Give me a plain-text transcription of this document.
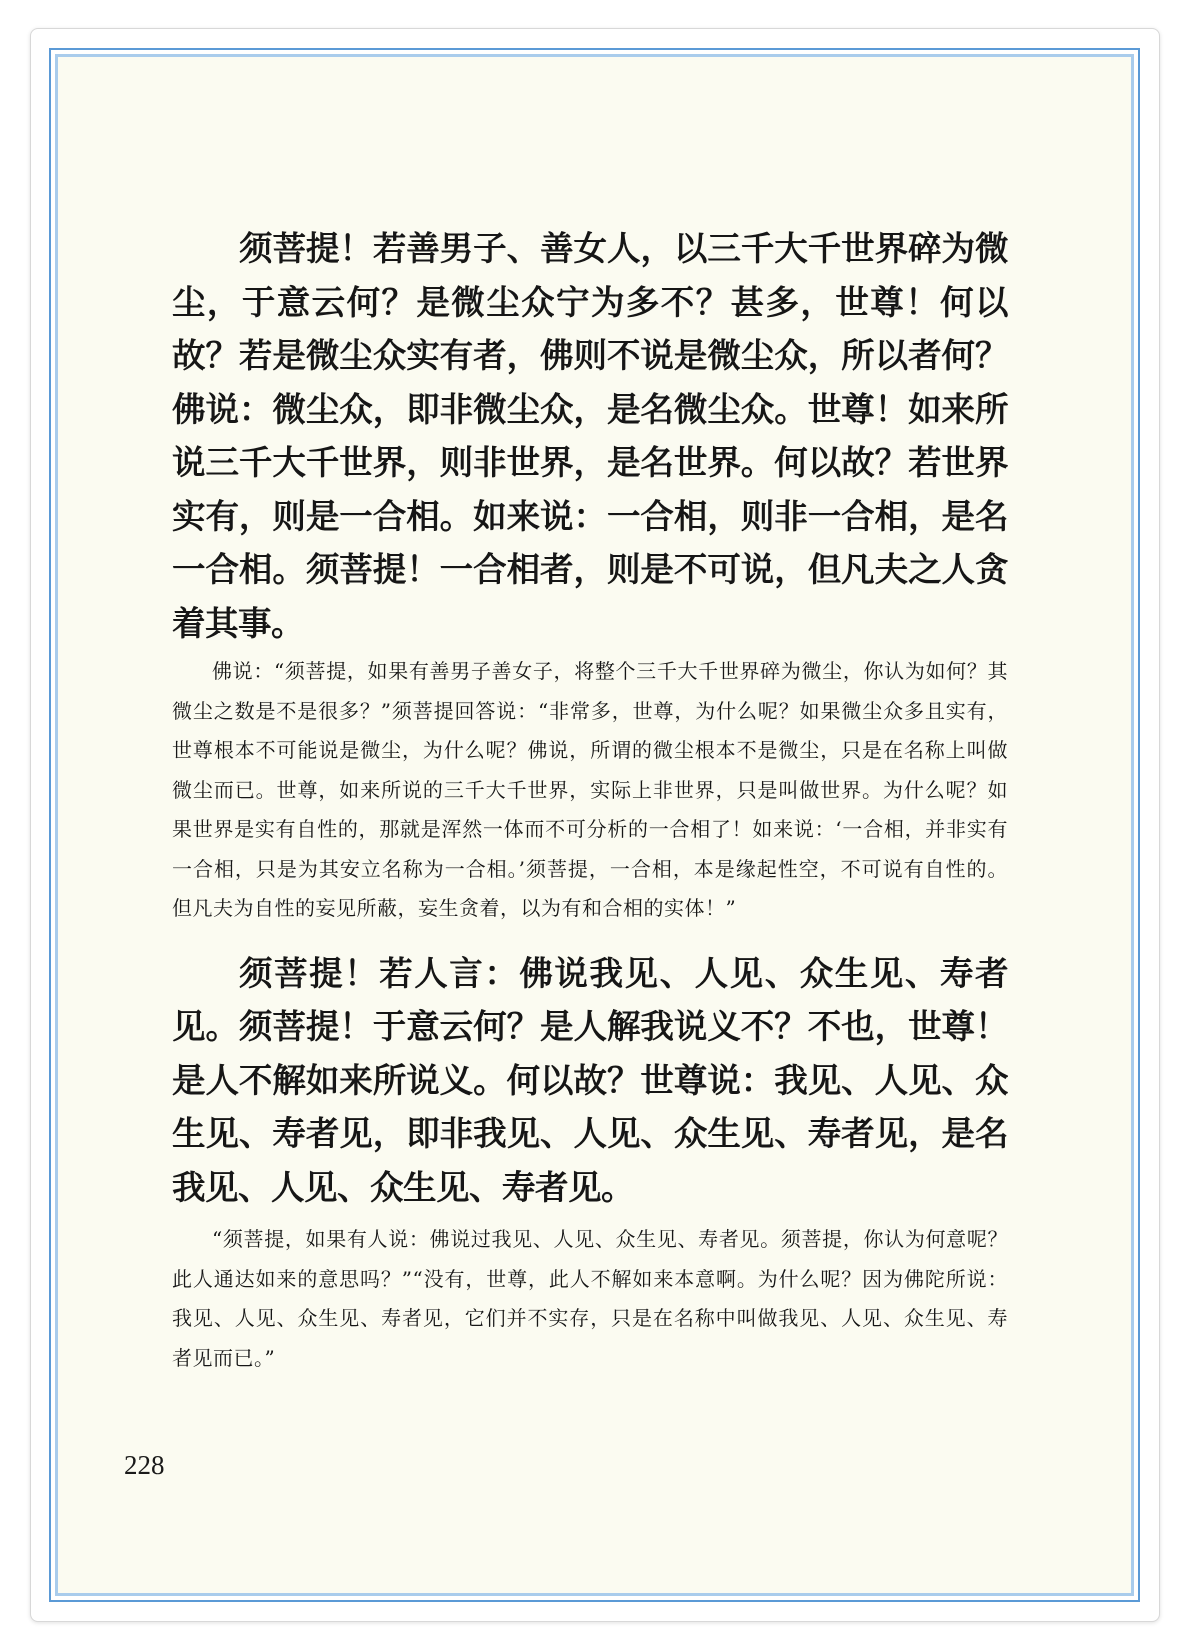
须菩提！若善男子、善女人，以三千大千世界碎为微尘，于意云何？是微尘众宁为多不？甚多，世尊！何以故？若是微尘众实有者，佛则不说是微尘众，所以者何？佛说：微尘众，即非微尘众，是名微尘众。世尊！如来所说三千大千世界，则非世界，是名世界。何以故？若世界实有，则是一合相。如来说：一合相，则非一合相，是名一合相。须菩提！一合相者，则是不可说，但凡夫之人贪着其事。

佛说：“须菩提，如果有善男子善女子，将整个三千大千世界碎为微尘，你认为如何？其微尘之数是不是很多？”须菩提回答说：“非常多，世尊，为什么呢？如果微尘众多且实有，世尊根本不可能说是微尘，为什么呢？佛说，所谓的微尘根本不是微尘，只是在名称上叫做微尘而已。世尊，如来所说的三千大千世界，实际上非世界，只是叫做世界。为什么呢？如果世界是实有自性的，那就是浑然一体而不可分析的一合相了！如来说：‘一合相，并非实有一合相，只是为其安立名称为一合相。’须菩提，一合相，本是缘起性空，不可说有自性的。但凡夫为自性的妄见所蔽，妄生贪着，以为有和合相的实体！”

须菩提！若人言：佛说我见、人见、众生见、寿者见。须菩提！于意云何？是人解我说义不？不也，世尊！是人不解如来所说义。何以故？世尊说：我见、人见、众生见、寿者见，即非我见、人见、众生见、寿者见，是名我见、人见、众生见、寿者见。

“须菩提，如果有人说：佛说过我见、人见、众生见、寿者见。须菩提，你认为何意呢？此人通达如来的意思吗？”“没有，世尊，此人不解如来本意啊。为什么呢？因为佛陀所说：我见、人见、众生见、寿者见，它们并不实存，只是在名称中叫做我见、人见、众生见、寿者见而已。”

228
